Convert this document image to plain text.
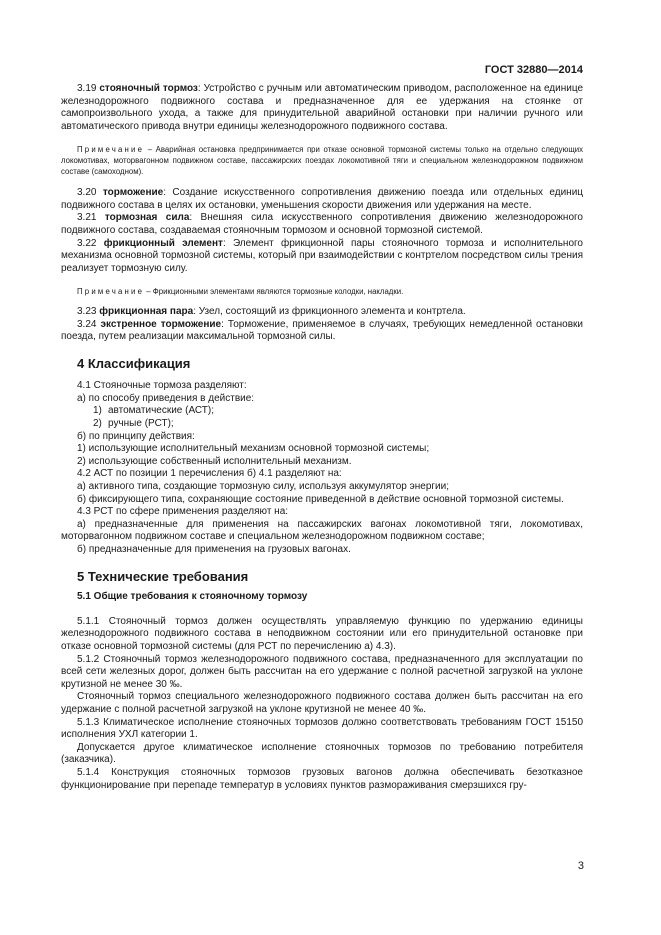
ГОСТ 32880—2014

3.19 стояночный тормоз: Устройство с ручным или автоматическим приводом, расположенное на единице железнодорожного подвижного состава и предназначенное для ее удержания на стоянке от самопроизвольного ухода, а также для принудительной аварийной остановки при наличии ручного или автоматического привода внутри единицы железнодорожного подвижного состава.

Примечание – Аварийная остановка предпринимается при отказе основной тормозной системы только на отдельно следующих локомотивах, моторвагонном подвижном составе, пассажирских поездах локомотивной тяги и специальном железнодорожном подвижном составе (самоходном).

3.20 торможение: Создание искусственного сопротивления движению поезда или отдельных единиц подвижного состава в целях их остановки, уменьшения скорости движения или удержания на месте.

3.21 тормозная сила: Внешняя сила искусственного сопротивления движению железнодорожного подвижного состава, создаваемая стояночным тормозом и основной тормозной системой.

3.22 фрикционный элемент: Элемент фрикционной пары стояночного тормоза и исполнительного механизма основной тормозной системы, который при взаимодействии с контртелом посредством силы трения реализует тормозную силу.

Примечание – Фрикционными элементами являются тормозные колодки, накладки.

3.23 фрикционная пара: Узел, состоящий из фрикционного элемента и контртела.

3.24 экстренное торможение: Торможение, применяемое в случаях, требующих немедленной остановки поезда, путем реализации максимальной тормозной силы.

4 Классификация

4.1 Стояночные тормоза разделяют:

а) по способу приведения в действие:

1) автоматические (АСТ);

2) ручные (РСТ);

б) по принципу действия:

1) использующие исполнительный механизм основной тормозной системы;

2) использующие собственный исполнительный механизм.

4.2 АСТ по позиции 1 перечисления б) 4.1 разделяют на:

а) активного типа, создающие тормозную силу, используя аккумулятор энергии;

б) фиксирующего типа, сохраняющие состояние приведенной в действие основной тормозной системы.

4.3 РСТ по сфере применения разделяют на:

а) предназначенные для применения на пассажирских вагонах локомотивной тяги, локомотивах, моторвагонном подвижном составе и специальном железнодорожном подвижном составе;

б) предназначенные для применения на грузовых вагонах.

5 Технические требования
5.1 Общие требования к стояночному тормозу

5.1.1 Стояночный тормоз должен осуществлять управляемую функцию по удержанию единицы железнодорожного подвижного состава в неподвижном состоянии или его принудительной остановке при отказе основной тормозной системы (для РСТ по перечислению а) 4.3).

5.1.2 Стояночный тормоз железнодорожного подвижного состава, предназначенного для эксплуатации по всей сети железных дорог, должен быть рассчитан на его удержание с полной расчетной загрузкой на уклоне крутизной не менее 30 ‰.

Стояночный тормоз специального железнодорожного подвижного состава должен быть рассчитан на его удержание с полной расчетной загрузкой на уклоне крутизной не менее 40 ‰.

5.1.3 Климатическое исполнение стояночных тормозов должно соответствовать требованиям ГОСТ 15150 исполнения УХЛ категории 1.

Допускается другое климатическое исполнение стояночных тормозов по требованию потребителя (заказчика).

5.1.4 Конструкция стояночных тормозов грузовых вагонов должна обеспечивать безотказное функционирование при перепаде температур в условиях пунктов размораживания смерзшихся гру-

3
